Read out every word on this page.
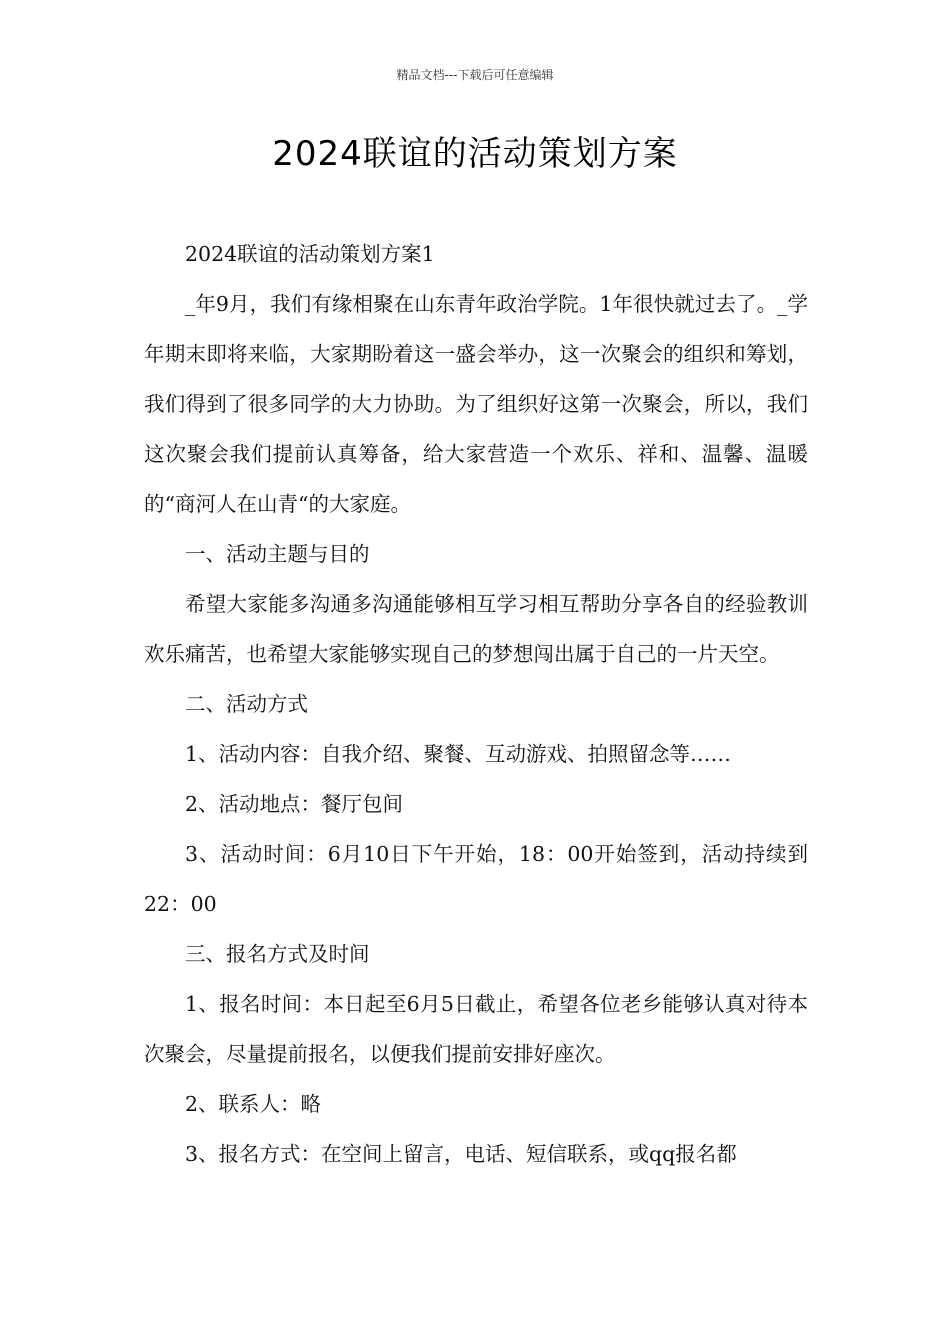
精品文档---下载后可任意编辑
2024联谊的活动策划方案

2024联谊的活动策划方案1

_年9月，我们有缘相聚在山东青年政治学院。1年很快就过去了。_学年期末即将来临，大家期盼着这一盛会举办，这一次聚会的组织和筹划，我们得到了很多同学的大力协助。为了组织好这第一次聚会，所以，我们这次聚会我们提前认真筹备，给大家营造一个欢乐、祥和、温馨、温暖的“商河人在山青“的大家庭。

一、活动主题与目的

希望大家能多沟通多沟通能够相互学习相互帮助分享各自的经验教训欢乐痛苦，也希望大家能够实现自己的梦想闯出属于自己的一片天空。

二、活动方式

1、活动内容：自我介绍、聚餐、互动游戏、拍照留念等……

2、活动地点：餐厅包间

3、活动时间：6月10日下午开始，18：00开始签到，活动持续到22：00

三、报名方式及时间

1、报名时间：本日起至6月5日截止，希望各位老乡能够认真对待本次聚会，尽量提前报名，以便我们提前安排好座次。

2、联系人：略

3、报名方式：在空间上留言，电话、短信联系，或qq报名都
